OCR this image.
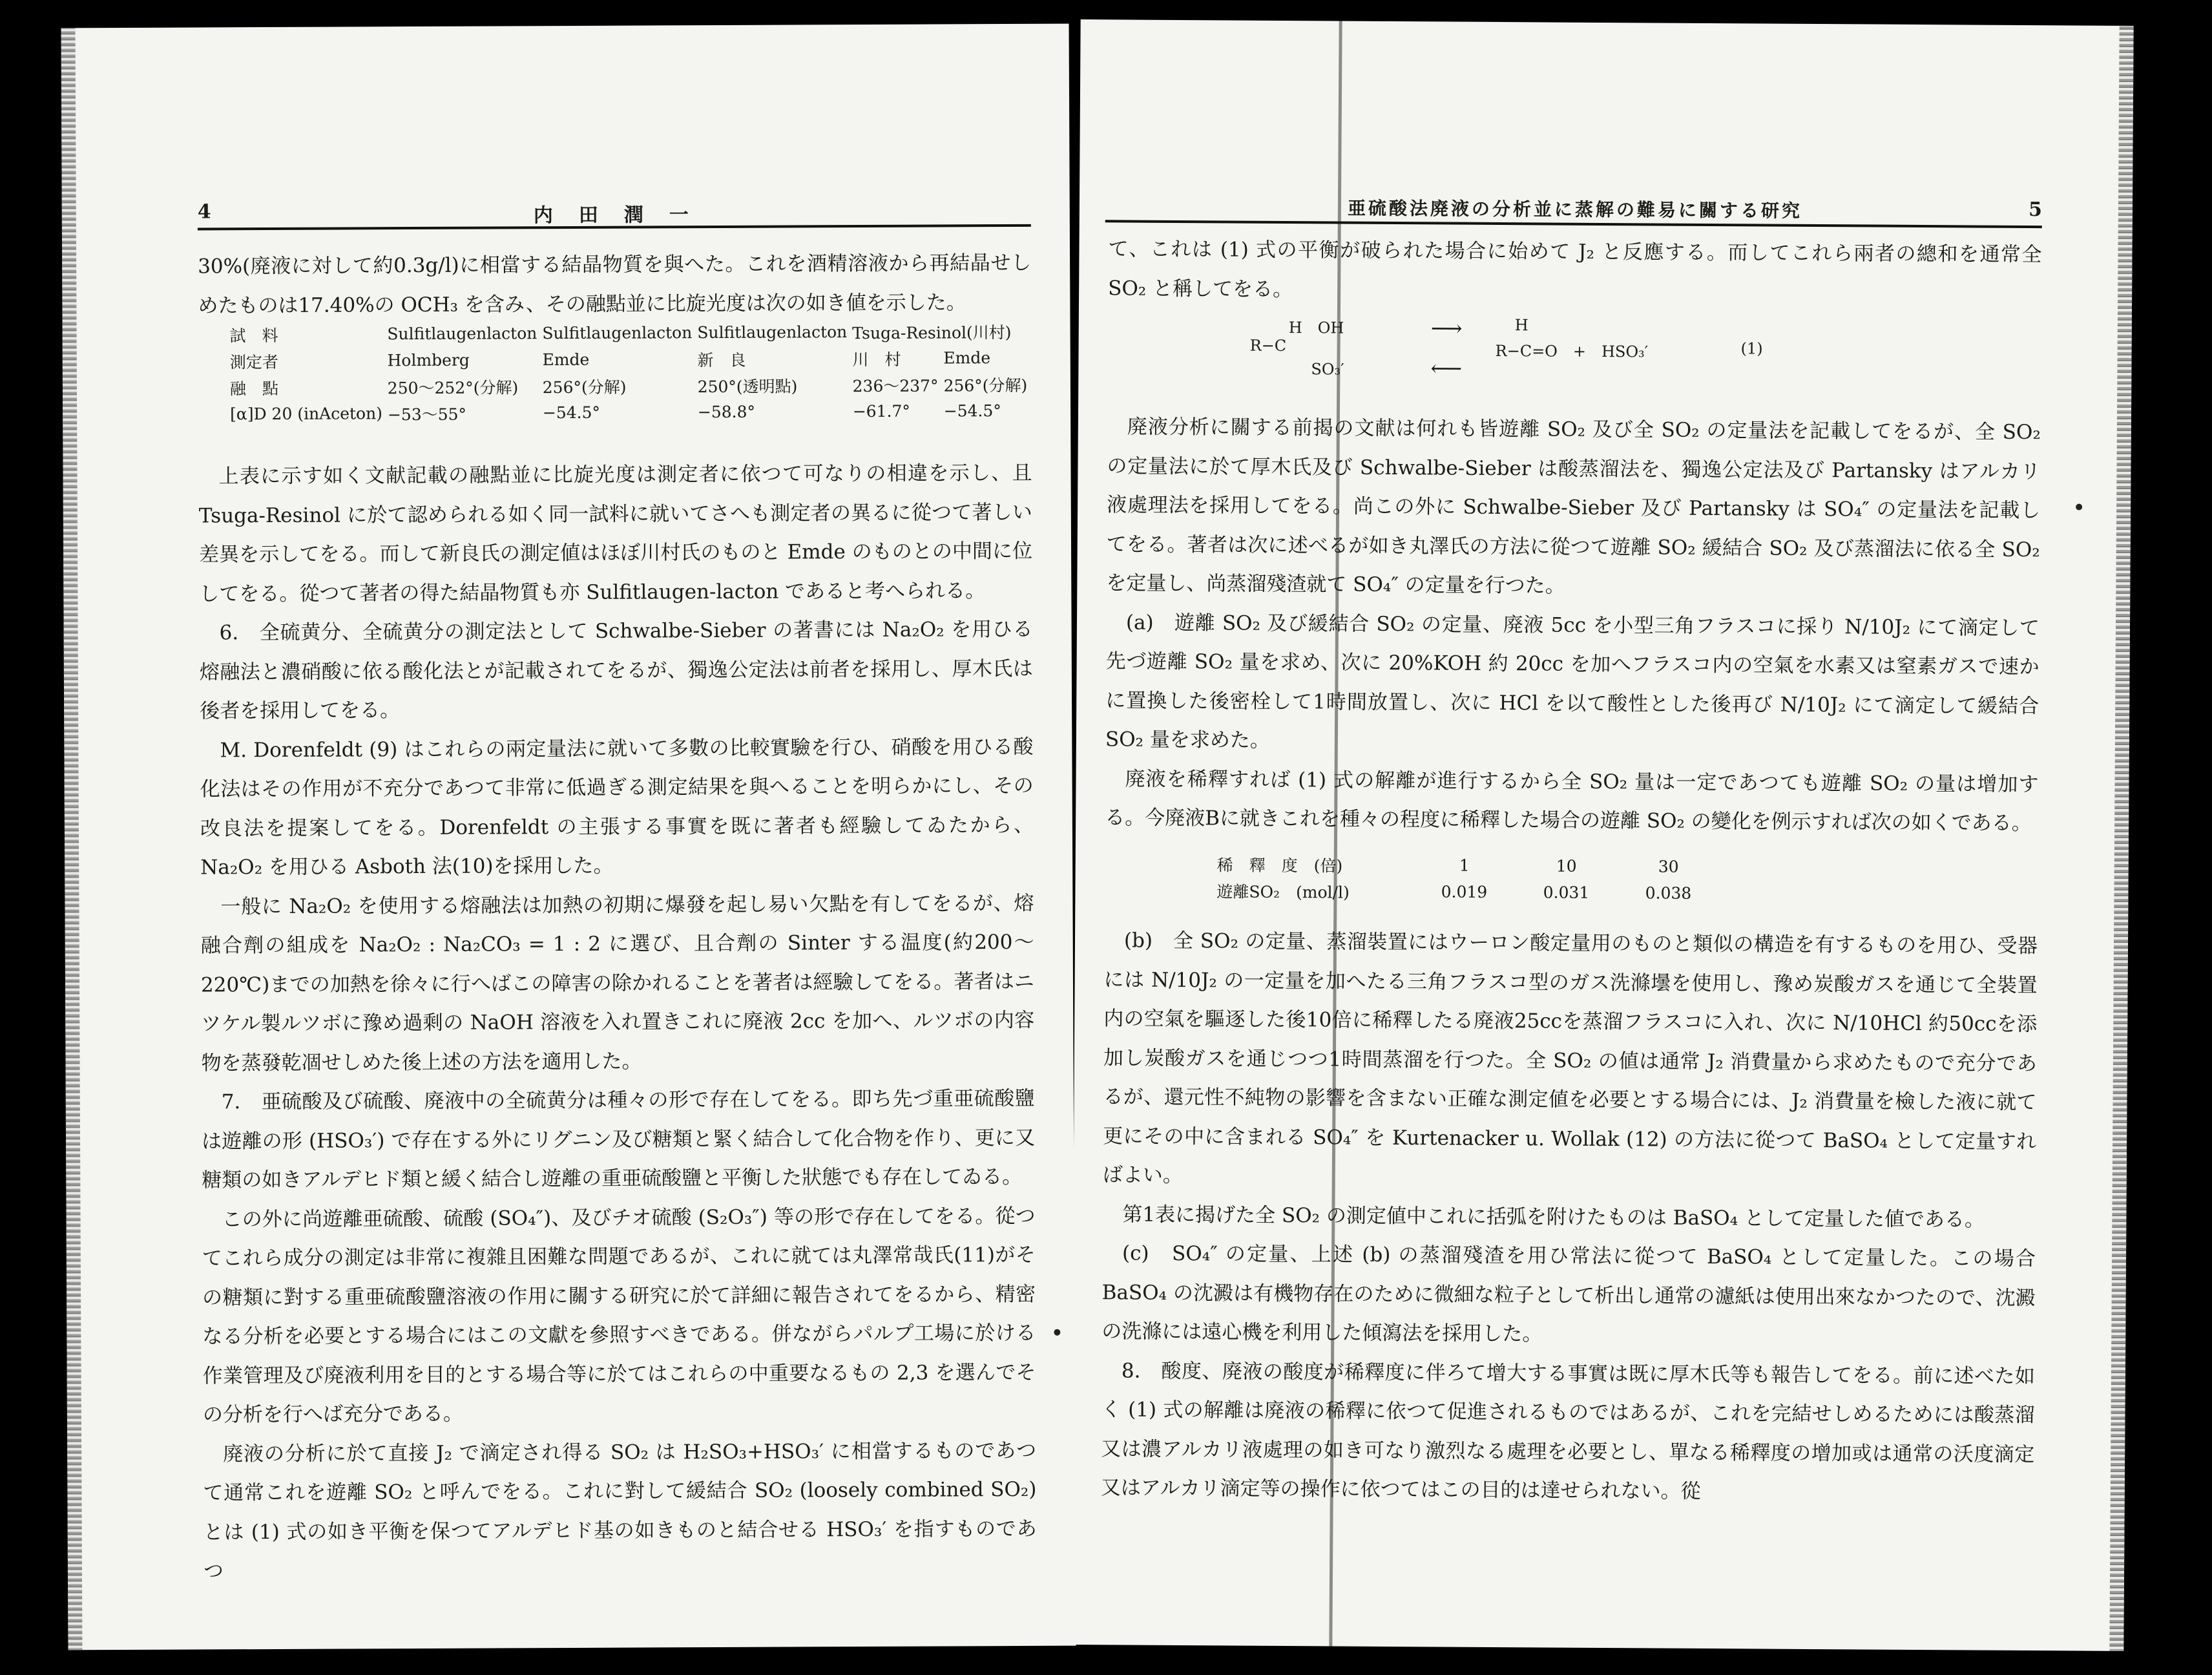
4	内田潤一

30%(廃液に対して約0.3g/l)に相當する結晶物質を與へた。これを酒精溶液から再結晶せしめたものは17.40%の OCH₃ を含み、その融點並に比旋光度は次の如き値を示した。

試　料	Sulfitlaugenlacton	Sulfitlaugenlacton	Sulfitlaugenlacton	Tsuga-Resinol(川村)	
測定者	Holmberg	Emde	新　良	川　村	Emde
融　點	250〜252°(分解)	256°(分解)	250°(透明點)	236〜237°	256°(分解)
[α]D 20 (inAceton)	−53〜55°	−54.5°	−58.8°	−61.7°	−54.5°

上表に示す如く文献記載の融點並に比旋光度は測定者に依つて可なりの相違を示し、且 Tsuga-Resinol に於て認められる如く同一試料に就いてさへも測定者の異るに從つて著しい差異を示してをる。而して新良氏の測定値はほぼ川村氏のものと Emde のものとの中間に位してをる。從つて著者の得た結晶物質も亦 Sulfitlaugen-lacton であると考へられる。

6.　全硫黄分、全硫黄分の測定法として Schwalbe-Sieber の著書には Na₂O₂ を用ひる熔融法と濃硝酸に依る酸化法とが記載されてをるが、獨逸公定法は前者を採用し、厚木氏は後者を採用してをる。

M. Dorenfeldt (9) はこれらの兩定量法に就いて多數の比較實驗を行ひ、硝酸を用ひる酸化法はその作用が不充分であつて非常に低過ぎる測定結果を與へることを明らかにし、その改良法を提案してをる。Dorenfeldt の主張する事實を既に著者も經驗してゐたから、Na₂O₂ を用ひる Asboth 法(10)を採用した。

一般に Na₂O₂ を使用する熔融法は加熱の初期に爆發を起し易い欠點を有してをるが、熔融合劑の組成を Na₂O₂ : Na₂CO₃ = 1 : 2 に選び、且合劑の Sinter する温度(約200〜220℃)までの加熱を徐々に行へばこの障害の除かれることを著者は經驗してをる。著者はニツケル製ルツボに豫め過剩の NaOH 溶液を入れ置きこれに廃液 2cc を加へ、ルツボの内容物を蒸發乾凅せしめた後上述の方法を適用した。

7.　亜硫酸及び硫酸、廃液中の全硫黄分は種々の形で存在してをる。即ち先づ重亜硫酸鹽は遊離の形 (HSO₃′) で存在する外にリグニン及び糖類と緊く結合して化合物を作り、更に又糖類の如きアルデヒド類と緩く結合し遊離の重亜硫酸鹽と平衡した狀態でも存在してゐる。

この外に尚遊離亜硫酸、硫酸 (SO₄″)、及びチオ硫酸 (S₂O₃″) 等の形で存在してをる。從つてこれら成分の測定は非常に複雜且困難な問題であるが、これに就ては丸澤常哉氏(11)がその糖類に對する重亜硫酸鹽溶液の作用に關する研究に於て詳細に報告されてをるから、精密なる分析を必要とする場合にはこの文獻を參照すべきである。併ながらパルプ工場に於ける作業管理及び廃液利用を目的とする場合等に於てはこれらの中重要なるもの 2,3 を選んでその分析を行へば充分である。

廃液の分析に於て直接 J₂ で滴定され得る SO₂ は H₂SO₃+HSO₃′ に相當するものであつて通常これを遊離 SO₂ と呼んでをる。これに對して緩結合 SO₂ (loosely combined SO₂) とは (1) 式の如き平衡を保つてアルデヒド基の如きものと結合せる HSO₃′ を指すものであつ

亜硫酸法廃液の分析並に蒸解の難易に關する研究	5

て、これは (1) 式の平衡が破られた場合に始めて J₂ と反應する。而してこれら兩者の總和を通常全 SO₂ と稱してをる。

H　OH
R−C
SO₃′
⟶
⟵
H
R−C=O　+　HSO₃′	(1)

廃液分析に關する前揭の文献は何れも皆遊離 SO₂ 及び全 SO₂ の定量法を記載してをるが、全 SO₂ の定量法に於て厚木氏及び Schwalbe-Sieber は酸蒸溜法を、獨逸公定法及び Partansky はアルカリ液處理法を採用してをる。尚この外に Schwalbe-Sieber 及び Partansky は SO₄″ の定量法を記載してをる。著者は次に述べるが如き丸澤氏の方法に從つて遊離 SO₂ 緩結合 SO₂ 及び蒸溜法に依る全 SO₂ を定量し、尚蒸溜殘渣就て SO₄″ の定量を行つた。

(a)　遊離 SO₂ 及び緩結合 SO₂ の定量、廃液 5cc を小型三角フラスコに採り N/10J₂ にて滴定して先づ遊離 SO₂ 量を求め、次に 20%KOH 約 20cc を加へフラスコ内の空氣を水素又は窒素ガスで速かに置換した後密栓して1時間放置し、次に HCl を以て酸性とした後再び N/10J₂ にて滴定して緩結合 SO₂ 量を求めた。

廃液を稀釋すれば (1) 式の解離が進行するから全 SO₂ 量は一定であつても遊離 SO₂ の量は增加する。今廃液Bに就きこれを種々の程度に稀釋した場合の遊離 SO₂ の變化を例示すれば次の如くである。

稀　釋　度　(倍)	1	10	30
遊離SO₂　(mol/l)	0.019	0.031	0.038

(b)　全 SO₂ の定量、蒸溜裝置にはウーロン酸定量用のものと類似の構造を有するものを用ひ、受器には N/10J₂ の一定量を加へたる三角フラスコ型のガス洗滌壜を使用し、豫め炭酸ガスを通じて全裝置内の空氣を驅逐した後10倍に稀釋したる廃液25ccを蒸溜フラスコに入れ、次に N/10HCl 約50ccを添加し炭酸ガスを通じつつ1時間蒸溜を行つた。全 SO₂ の値は通常 J₂ 消費量から求めたもので充分であるが、還元性不純物の影響を含まない正確な測定値を必要とする場合には、J₂ 消費量を檢した液に就て更にその中に含まれる SO₄″ を Kurtenacker u. Wollak (12) の方法に從つて BaSO₄ として定量すればよい。

第1表に揭げた全 SO₂ の測定値中これに括弧を附けたものは BaSO₄ として定量した値である。

(c)　SO₄″ の定量、上述 (b) の蒸溜殘渣を用ひ常法に從つて BaSO₄ として定量した。この場合 BaSO₄ の沈澱は有機物存在のために微細な粒子として析出し通常の濾紙は使用出來なかつたので、沈澱の洗滌には遠心機を利用した傾瀉法を採用した。

8.　酸度、廃液の酸度が稀釋度に伴ろて增大する事實は既に厚木氏等も報告してをる。前に述べた如く (1) 式の解離は廃液の稀釋に依つて促進されるものではあるが、これを完結せしめるためには酸蒸溜又は濃アルカリ液處理の如き可なり激烈なる處理を必要とし、單なる稀釋度の增加或は通常の沃度滴定又はアルカリ滴定等の操作に依つてはこの目的は達せられない。從
